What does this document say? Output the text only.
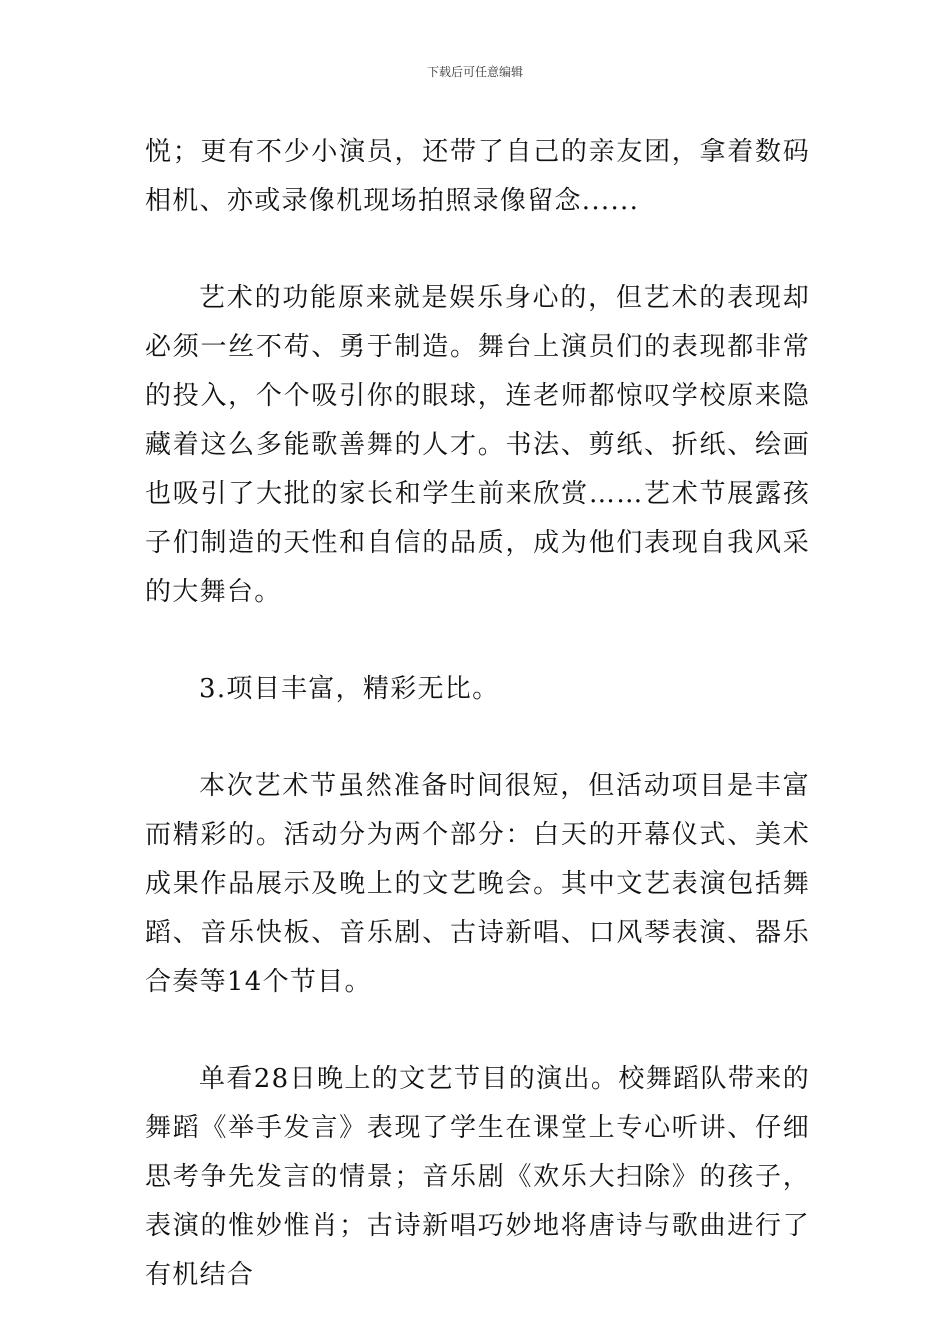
下载后可任意编辑

悦；更有不少小演员，还带了自己的亲友团，拿着数码相机、亦或录像机现场拍照录像留念......

艺术的功能原来就是娱乐身心的，但艺术的表现却必须一丝不苟、勇于制造。舞台上演员们的表现都非常的投入，个个吸引你的眼球，连老师都惊叹学校原来隐藏着这么多能歌善舞的人才。书法、剪纸、折纸、绘画也吸引了大批的家长和学生前来欣赏……艺术节展露孩子们制造的天性和自信的品质，成为他们表现自我风采的大舞台。

3.项目丰富，精彩无比。

本次艺术节虽然准备时间很短，但活动项目是丰富而精彩的。活动分为两个部分：白天的开幕仪式、美术成果作品展示及晚上的文艺晚会。其中文艺表演包括舞蹈、音乐快板、音乐剧、古诗新唱、口风琴表演、器乐合奏等14个节目。

单看28日晚上的文艺节目的演出。校舞蹈队带来的舞蹈《举手发言》表现了学生在课堂上专心听讲、仔细思考争先发言的情景；音乐剧《欢乐大扫除》的孩子，表演的惟妙惟肖；古诗新唱巧妙地将唐诗与歌曲进行了有机结合
